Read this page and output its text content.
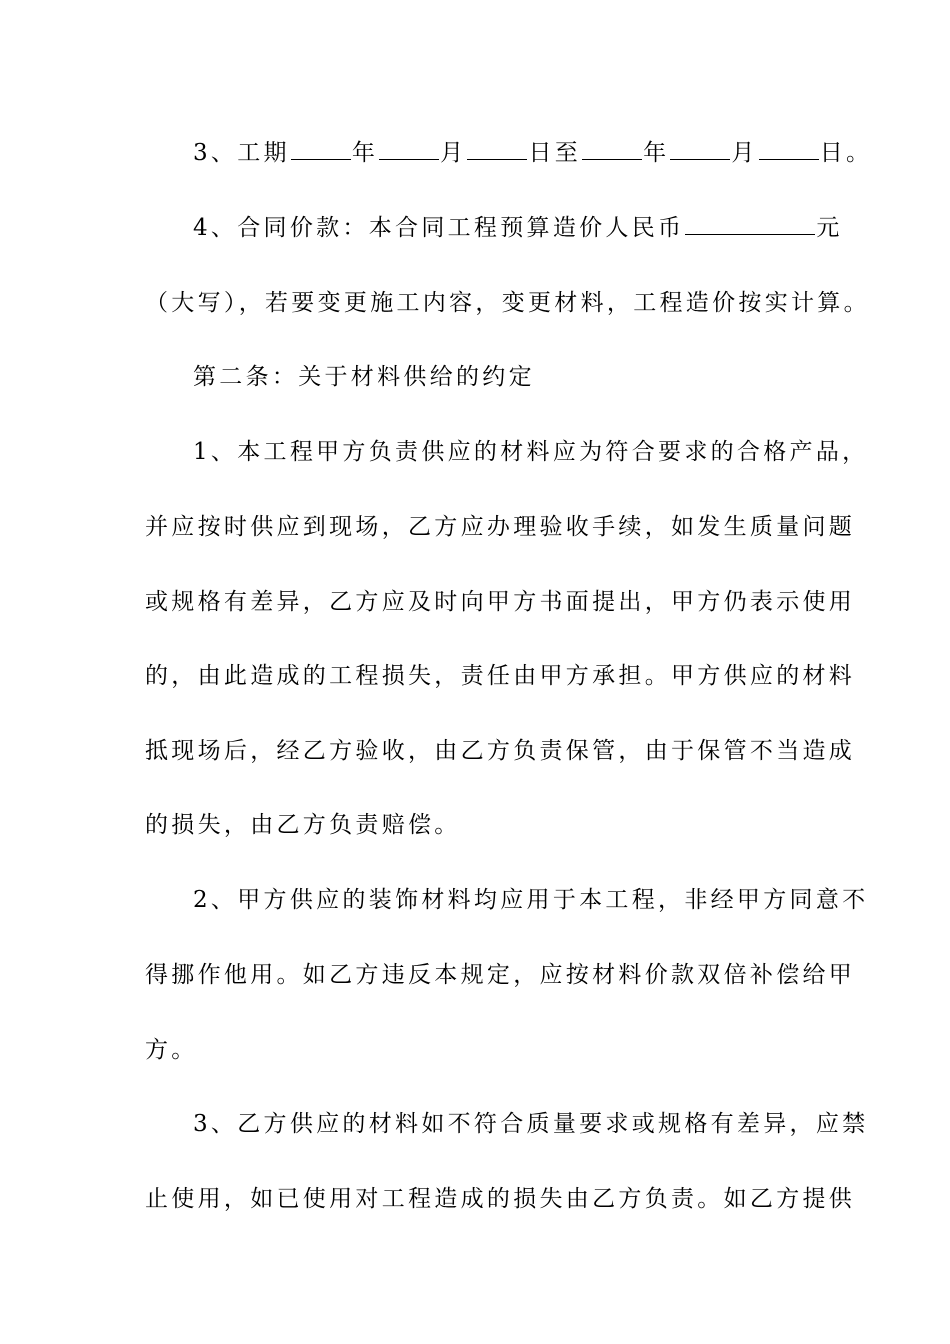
3、工期	年	月	日至	年	月	日。
4、合同价款：本合同工程预算造价人民币	元
（大写），若要变更施工内容，变更材料，工程造价按实计算。
第二条：关于材料供给的约定
1、本工程甲方负责供应的材料应为符合要求的合格产品，
并应按时供应到现场，乙方应办理验收手续，如发生质量问题
或规格有差异，乙方应及时向甲方书面提出，甲方仍表示使用
的，由此造成的工程损失，责任由甲方承担。甲方供应的材料
抵现场后，经乙方验收，由乙方负责保管，由于保管不当造成
的损失，由乙方负责赔偿。
2、甲方供应的装饰材料均应用于本工程，非经甲方同意不
得挪作他用。如乙方违反本规定，应按材料价款双倍补偿给甲
方。
3、乙方供应的材料如不符合质量要求或规格有差异，应禁
止使用，如已使用对工程造成的损失由乙方负责。如乙方提供
